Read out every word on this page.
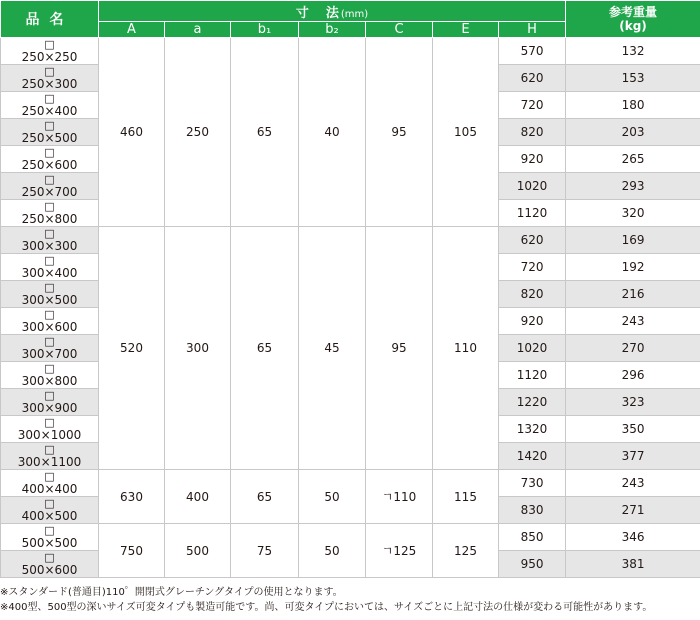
品名	寸　法(mm)							参考重量
(kg)

	A	a	b₁	b₂	C	E	H	

□
250×250	460	250	65	40	95	105	570	132

□
250×300							620	153

□
250×400							720	180

□
250×500							820	203

□
250×600							920	265

□
250×700							1020	293

□
250×800							1120	320

□
300×300	520	300	65	45	95	110	620	169

□
300×400							720	192

□
300×500							820	216

□
300×600							920	243

□
300×700							1020	270

□
300×800							1120	296

□
300×900							1220	323

□
300×1000							1320	350

□
300×1100							1420	377

□
400×400	630	400	65	50	ㄱ110	115	730	243

□
400×500							830	271

□
500×500	750	500	75	50	ㄱ125	125	850	346

□
500×600							950	381
※スタンダード(普通目)110゜開閉式グレーチングタイプの使用となります。
※400型、500型の深いサイズ可変タイプも製造可能です。尚、可変タイプにおいては、サイズごとに上記寸法の仕様が変わる可能性があります。
